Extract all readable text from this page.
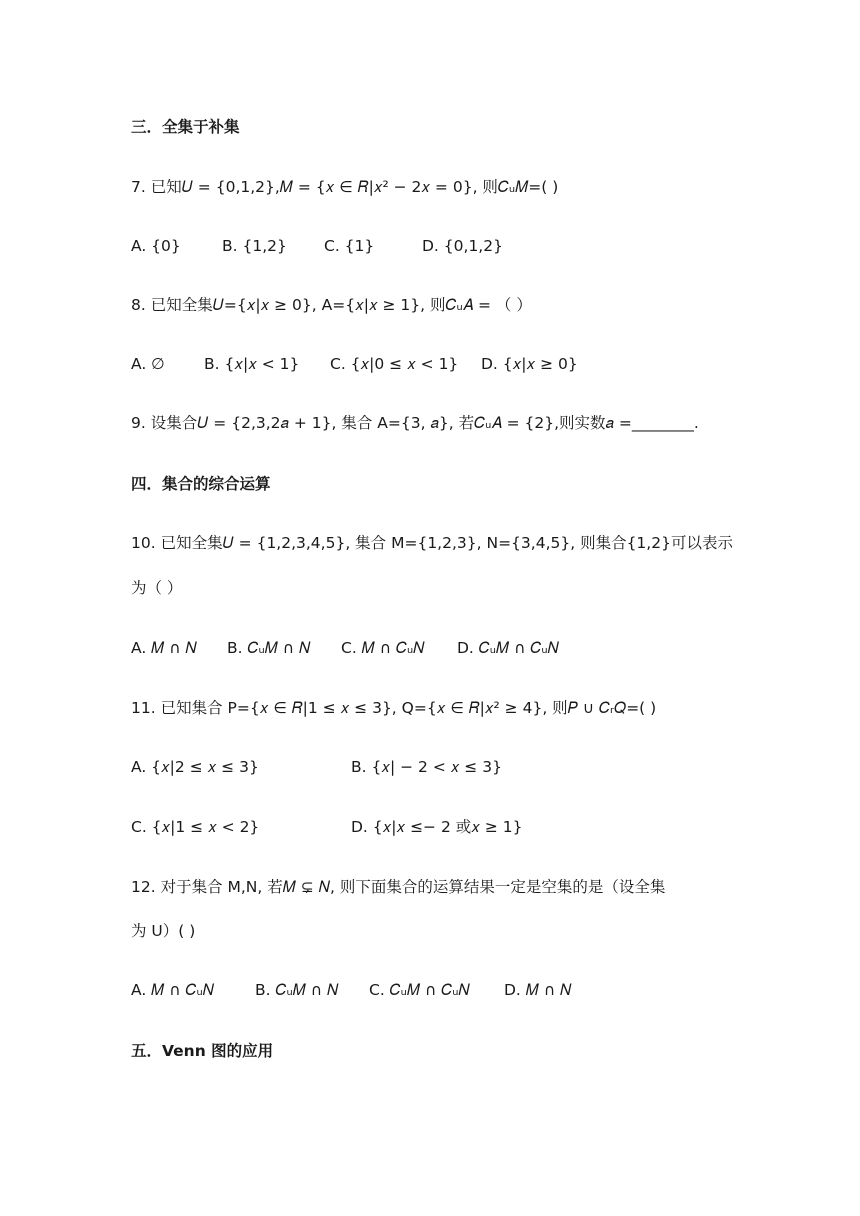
三．全集于补集
7. 已知𝑈 = {0,1,2},𝑀 = {𝑥 ∈ 𝑅|𝑥² − 2𝑥 = 0}, 则𝐶ᵤ𝑀=( )
A. {0}	B. {1,2} C. {1}	D. {0,1,2}
8. 已知全集𝑈={𝑥|𝑥 ≥ 0}, A={𝑥|𝑥 ≥ 1}, 则𝐶ᵤ𝐴 = （ ）
A. ∅	B. {𝑥|𝑥 < 1} C. {𝑥|0 ≤ 𝑥 < 1} D. {𝑥|𝑥 ≥ 0}
9. 设集合𝑈 = {2,3,2𝑎 + 1}, 集合 A={3, 𝑎}, 若𝐶ᵤ𝐴 = {2},则实数𝑎 =________.
四．集合的综合运算
10. 已知全集𝑈 = {1,2,3,4,5}, 集合 M={1,2,3}, N={3,4,5}, 则集合{1,2}可以表示
为（ ）
A. 𝑀 ∩ 𝑁 B. 𝐶ᵤ𝑀 ∩ 𝑁 C. 𝑀 ∩ 𝐶ᵤ𝑁 D. 𝐶ᵤ𝑀 ∩ 𝐶ᵤ𝑁
11. 已知集合 P={𝑥 ∈ 𝑅|1 ≤ 𝑥 ≤ 3}, Q={𝑥 ∈ 𝑅|𝑥² ≥ 4}, 则𝑃 ∪ 𝐶ᵣ𝑄=( )
A. {𝑥|2 ≤ 𝑥 ≤ 3}	B. {𝑥| − 2 < 𝑥 ≤ 3}
C. {𝑥|1 ≤ 𝑥 < 2}	D. {𝑥|𝑥 ≤− 2 或𝑥 ≥ 1}
12. 对于集合 M,N, 若𝑀 ⊊ 𝑁, 则下面集合的运算结果一定是空集的是（设全集
为 U）( )
A. 𝑀 ∩ 𝐶ᵤ𝑁	B. 𝐶ᵤ𝑀 ∩ 𝑁 C. 𝐶ᵤ𝑀 ∩ 𝐶ᵤ𝑁 D. 𝑀 ∩ 𝑁
五．Venn 图的应用
